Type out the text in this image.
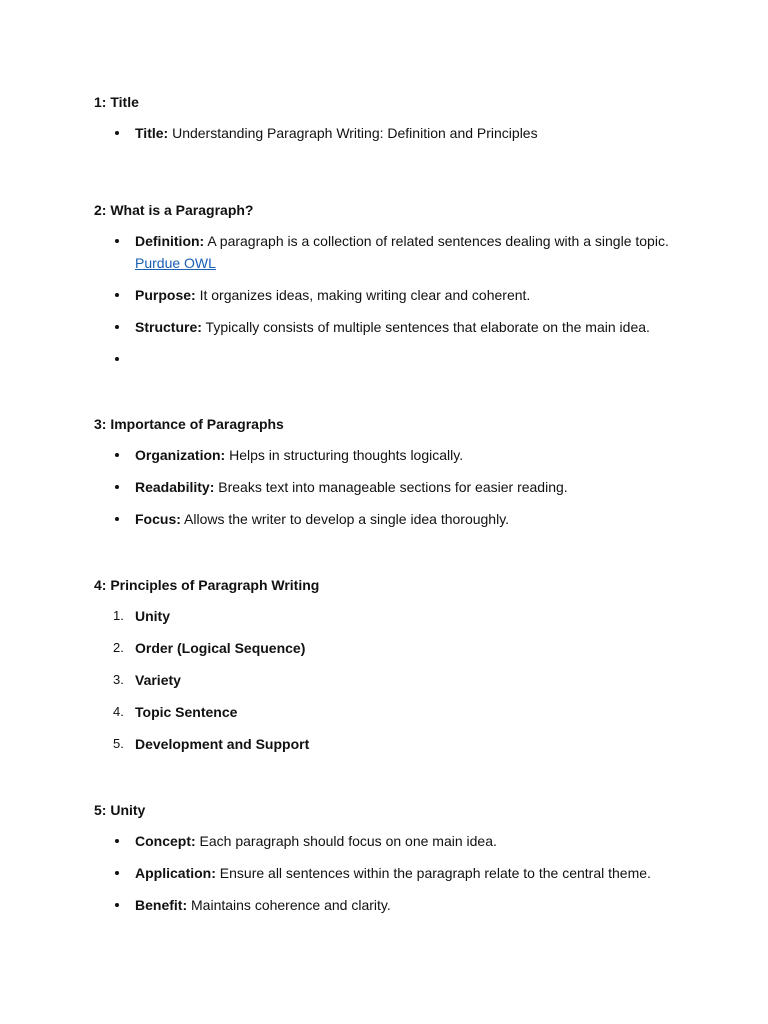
1: Title
Title: Understanding Paragraph Writing: Definition and Principles
2: What is a Paragraph?
Definition: A paragraph is a collection of related sentences dealing with a single topic.
Purdue OWL
Purpose: It organizes ideas, making writing clear and coherent.
Structure: Typically consists of multiple sentences that elaborate on the main idea.
3: Importance of Paragraphs
Organization: Helps in structuring thoughts logically.
Readability: Breaks text into manageable sections for easier reading.
Focus: Allows the writer to develop a single idea thoroughly.
4: Principles of Paragraph Writing
1. Unity
2. Order (Logical Sequence)
3. Variety
4. Topic Sentence
5. Development and Support
5: Unity
Concept: Each paragraph should focus on one main idea.
Application: Ensure all sentences within the paragraph relate to the central theme.
Benefit: Maintains coherence and clarity.
